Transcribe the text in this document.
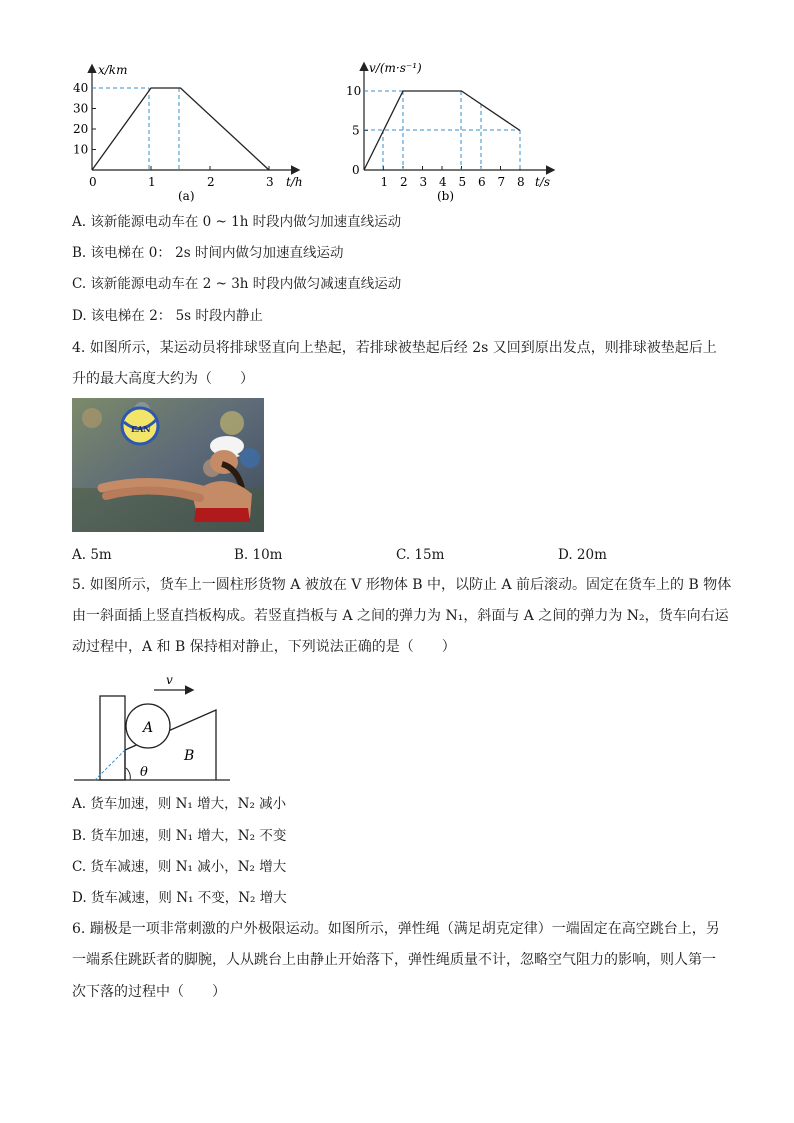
40
30
20
10
0	1	2	3
x/km
t/h
(a)
10
5
0
1 2 3 4 5 6 7 8
v/(m·s⁻¹)
t/s
(b)
A. 该新能源电动车在 0 ~ 1h 时段内做匀加速直线运动
B. 该电梯在 0： 2s 时间内做匀加速直线运动
C. 该新能源电动车在 2 ~ 3h 时段内做匀减速直线运动
D. 该电梯在 2： 5s 时段内静止
4. 如图所示，某运动员将排球竖直向上垫起，若排球被垫起后经 2s 又回到原出发点，则排球被垫起后上
升的最大高度大约为（　　）
EAN
A. 5m	B. 10m	C. 15m	D. 20m
5. 如图所示，货车上一圆柱形货物 A 被放在 V 形物体 B 中，以防止 A 前后滚动。固定在货车上的 B 物体
由一斜面插上竖直挡板构成。若竖直挡板与 A 之间的弹力为 N₁，斜面与 A 之间的弹力为 N₂，货车向右运
动过程中，A 和 B 保持相对静止，下列说法正确的是（　　）
v
θ
A
B
A. 货车加速，则 N₁ 增大，N₂ 减小
B. 货车加速，则 N₁ 增大，N₂ 不变
C. 货车减速，则 N₁ 减小，N₂ 增大
D. 货车减速，则 N₁ 不变，N₂ 增大
6. 蹦极是一项非常刺激的户外极限运动。如图所示，弹性绳（满足胡克定律）一端固定在高空跳台上，另
一端系住跳跃者的脚腕，人从跳台上由静止开始落下，弹性绳质量不计，忽略空气阻力的影响，则人第一
次下落的过程中（　　）
